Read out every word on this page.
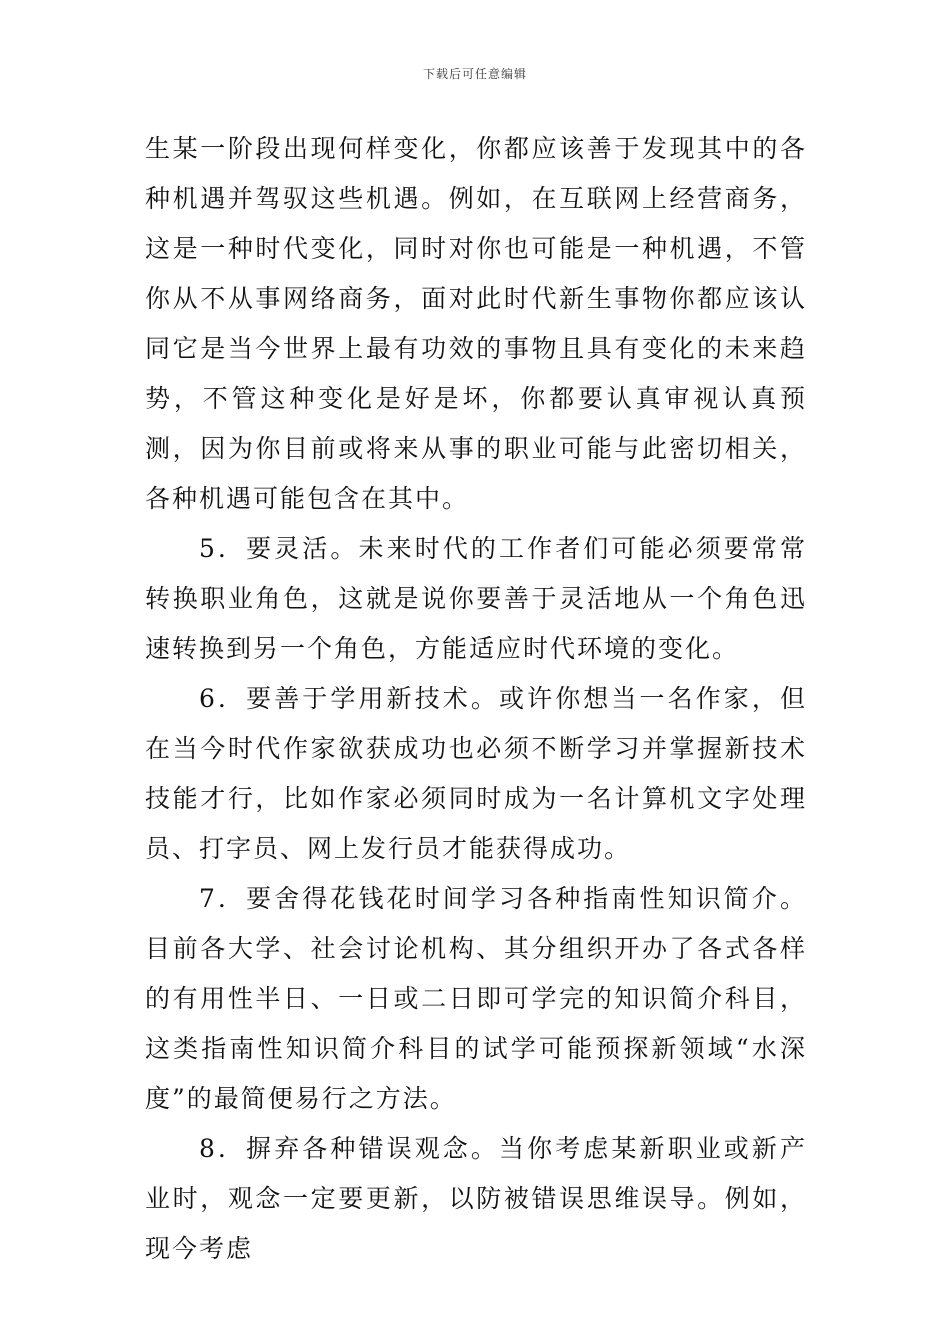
下载后可任意编辑

生某一阶段出现何样变化，你都应该善于发现其中的各种机遇并驾驭这些机遇。例如，在互联网上经营商务，这是一种时代变化，同时对你也可能是一种机遇，不管你从不从事网络商务，面对此时代新生事物你都应该认同它是当今世界上最有功效的事物且具有变化的未来趋势，不管这种变化是好是坏，你都要认真审视认真预测，因为你目前或将来从事的职业可能与此密切相关，各种机遇可能包含在其中。

5．要灵活。未来时代的工作者们可能必须要常常转换职业角色，这就是说你要善于灵活地从一个角色迅速转换到另一个角色，方能适应时代环境的变化。

6．要善于学用新技术。或许你想当一名作家，但在当今时代作家欲获成功也必须不断学习并掌握新技术技能才行，比如作家必须同时成为一名计算机文字处理员、打字员、网上发行员才能获得成功。

7．要舍得花钱花时间学习各种指南性知识简介。目前各大学、社会讨论机构、其分组织开办了各式各样的有用性半日、一日或二日即可学完的知识简介科目，这类指南性知识简介科目的试学可能预探新领域“水深度”的最简便易行之方法。

8．摒弃各种错误观念。当你考虑某新职业或新产业时，观念一定要更新，以防被错误思维误导。例如，现今考虑
